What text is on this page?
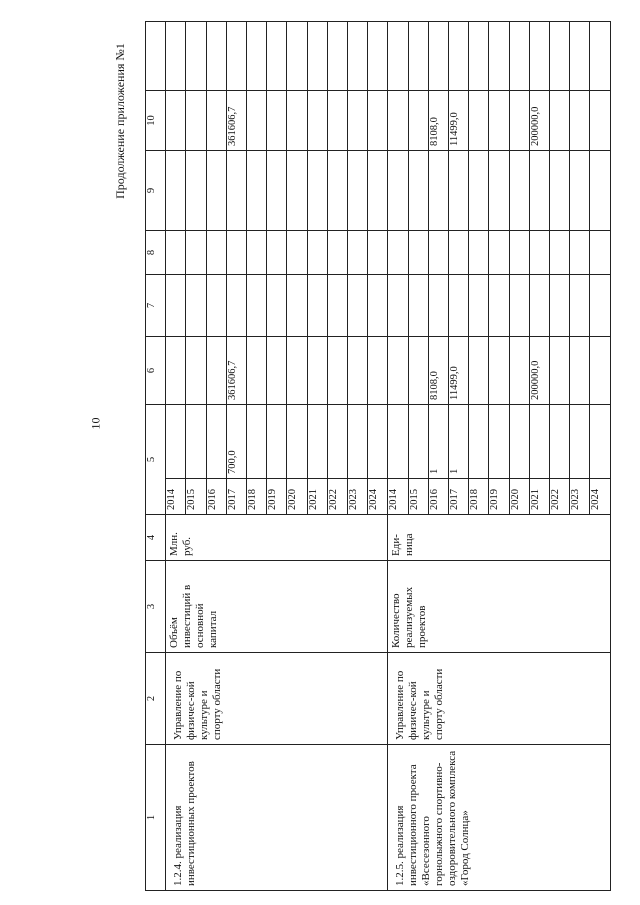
10
Продолжение приложения №1
1	2	3	4	5		6	7	8	9	10	
1.2.4. реализация инвестиционных проектов	Управление по физичес-кой культуре и спорту области	Объём инвестиций в основной капитал	Млн. руб.	2014							
				2015							
				2016							
				2017	700,0	361606,7				361606,7	
				2018							
				2019							
				2020							
				2021							
				2022							
				2023							
				2024							
1.2.5. реализация инвестиционного проекта «Всесезонного горнолыжного спортивно-оздоровительного комплекса «Город Солнца»	Управление по физичес-кой культуре и спорту области	Количество реализуемых проектов	Еди-ница	2014							
				2015							
				2016	1	8108,0				8108,0	
				2017	1	11499,0				11499,0	
				2018							
				2019							
				2020							
				2021		200000,0				200000,0	
				2022							
				2023							
				2024							
